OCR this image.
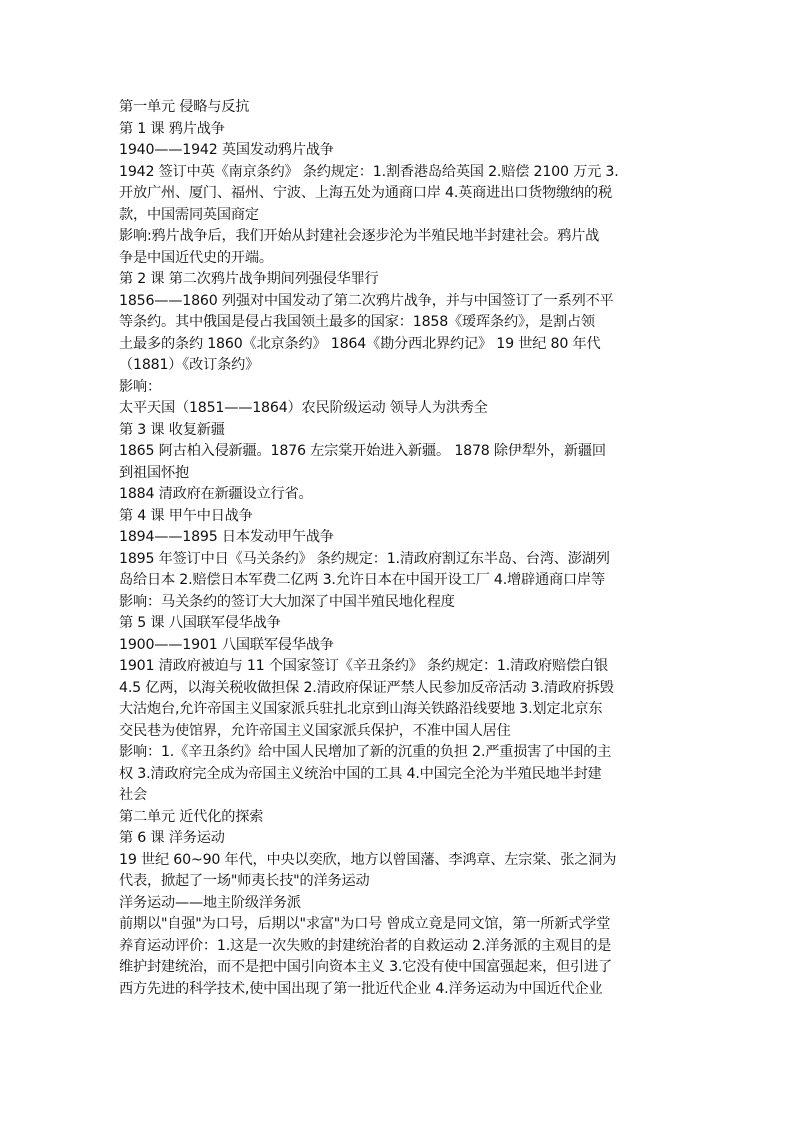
第一单元 侵略与反抗
第 1 课 鸦片战争
1940——1942 英国发动鸦片战争
1942 签订中英《南京条约》 条约规定：1.割香港岛给英国 2.赔偿 2100 万元 3.
开放广州、厦门、福州、宁波、上海五处为通商口岸 4.英商进出口货物缴纳的税
款，中国需同英国商定
影响:鸦片战争后，我们开始从封建社会逐步沦为半殖民地半封建社会。鸦片战
争是中国近代史的开端。
第 2 课 第二次鸦片战争期间列强侵华罪行
1856——1860 列强对中国发动了第二次鸦片战争，并与中国签订了一系列不平
等条约。其中俄国是侵占我国领土最多的国家：1858《瑷珲条约》，是割占领
土最多的条约 1860《北京条约》 1864《勘分西北界约记》 19 世纪 80 年代
（1881）《改订条约》
影响：
太平天国（1851——1864）农民阶级运动 领导人为洪秀全
第 3 课 收复新疆
1865 阿古柏入侵新疆。1876 左宗棠开始进入新疆。 1878 除伊犁外，新疆回
到祖国怀抱
1884 清政府在新疆设立行省。
第 4 课 甲午中日战争
1894——1895 日本发动甲午战争
1895 年签订中日《马关条约》 条约规定：1.清政府割辽东半岛、台湾、澎湖列
岛给日本 2.赔偿日本军费二亿两 3.允许日本在中国开设工厂 4.增辟通商口岸等
影响：马关条约的签订大大加深了中国半殖民地化程度
第 5 课 八国联军侵华战争
1900——1901 八国联军侵华战争
1901 清政府被迫与 11 个国家签订《辛丑条约》 条约规定：1.清政府赔偿白银
4.5 亿两，以海关税收做担保 2.清政府保证严禁人民参加反帝活动 3.清政府拆毁
大沽炮台,允许帝国主义国家派兵驻扎北京到山海关铁路沿线要地 3.划定北京东
交民巷为使馆界，允许帝国主义国家派兵保护，不准中国人居住
影响：1.《辛丑条约》给中国人民增加了新的沉重的负担 2.严重损害了中国的主
权 3.清政府完全成为帝国主义统治中国的工具 4.中国完全沦为半殖民地半封建
社会
第二单元 近代化的探索
第 6 课 洋务运动
19 世纪 60~90 年代，中央以奕欣，地方以曾国藩、李鸿章、左宗棠、张之洞为
代表，掀起了一场"师夷长技"的洋务运动
洋务运动——地主阶级洋务派
前期以"自强"为口号，后期以"求富"为口号 曾成立竟是同文馆，第一所新式学堂
养育运动评价：1.这是一次失败的封建统治者的自救运动 2.洋务派的主观目的是
维护封建统治，而不是把中国引向资本主义 3.它没有使中国富强起来，但引进了
西方先进的科学技术,使中国出现了第一批近代企业 4.洋务运动为中国近代企业
